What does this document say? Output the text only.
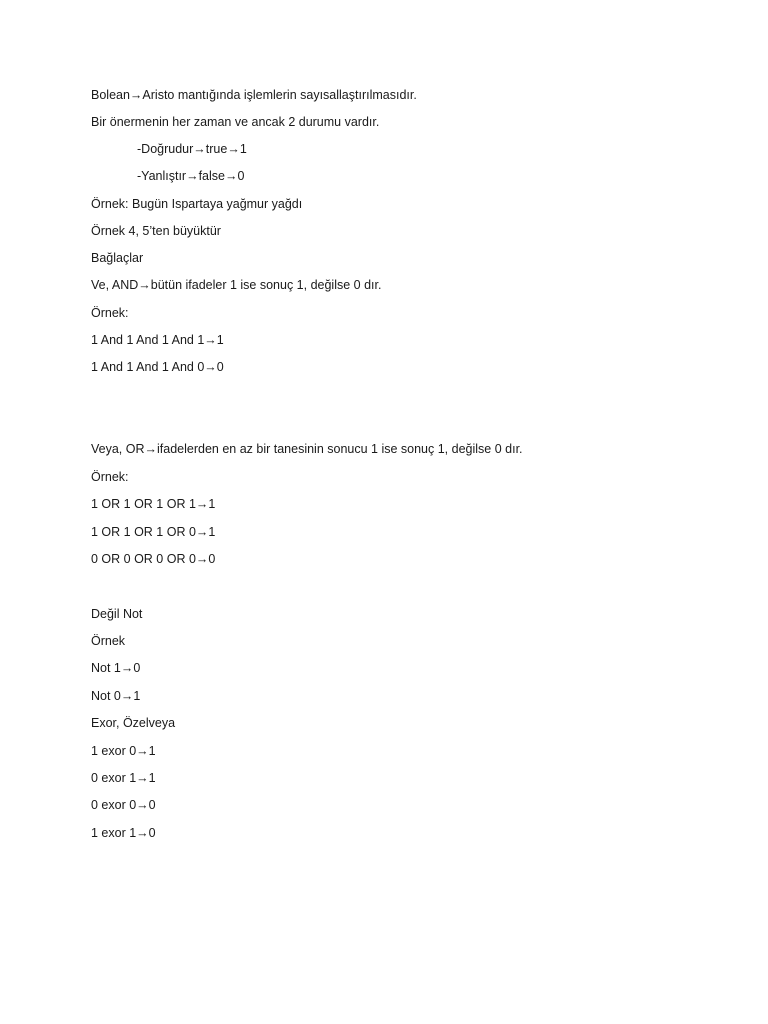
Bolean→Aristo mantığında işlemlerin sayısallaştırılmasıdır.
Bir önermenin her zaman ve ancak 2 durumu vardır.
-Doğrudur→true→1
-Yanlıştır→false→0
Örnek: Bugün Ispartaya yağmur yağdı
Örnek 4, 5’ten büyüktür
Bağlaçlar
Ve, AND→bütün ifadeler 1 ise sonuç 1, değilse 0 dır.
Örnek:
1 And 1 And 1 And 1→1
1 And 1 And 1 And 0→0
Veya, OR→ifadelerden en az bir tanesinin sonucu 1 ise sonuç 1, değilse 0 dır.
Örnek:
1 OR 1 OR 1 OR 1→1
1 OR 1 OR 1 OR 0→1
0 OR 0 OR 0 OR 0→0
Değil Not
Örnek
Not 1→0
Not 0→1
Exor, Özelveya
1 exor 0→1
0 exor 1→1
0 exor 0→0
1 exor 1→0
